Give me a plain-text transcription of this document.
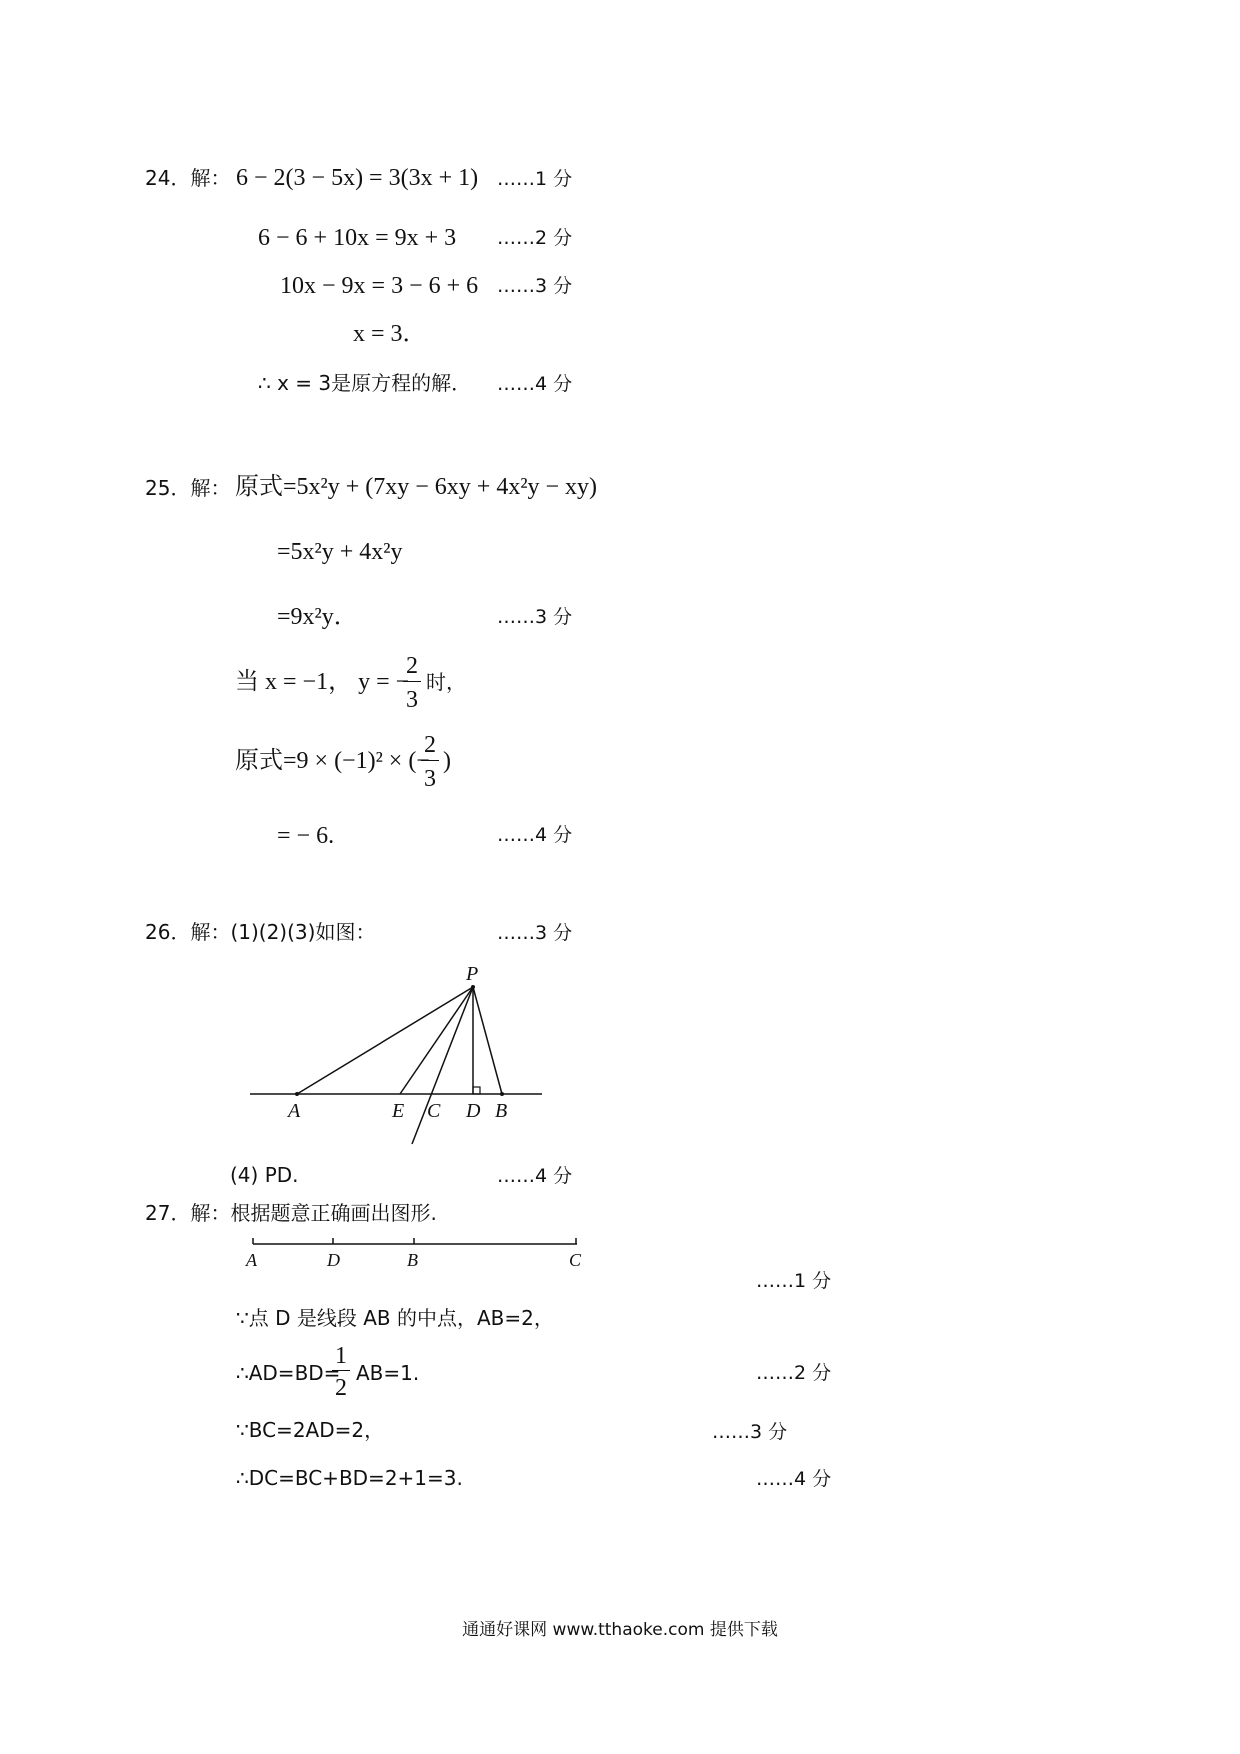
24．解： 6 − 2(3 − 5x) = 3(3x + 1) ……1 分
6 − 6 + 10x = 9x + 3 ……2 分
10x − 9x = 3 − 6 + 6 ……3 分
x = 3．
∴ x = 3是原方程的解． ……4 分
25．解： 原式=5x²y + (7xy − 6xy + 4x²y − xy)
=5x²y + 4x²y
=9x²y．	……3 分
当 x = −1， y = −
2
3
时，
原式=9 × (−1)² × (−
2
3
)
= − 6.	……4 分
26．解：(1)(2)(3)如图：	……3 分
P
A	E C D B
(4) PD.	……4 分
27．解：根据题意正确画出图形.
A	D	B	C
……1 分
∵点 D 是线段 AB 的中点，AB=2，
∴AD=BD=
1
2
AB=1.	……2 分
∵BC=2AD=2，	……3 分
∴DC=BC+BD=2+1=3.	……4 分
通通好课网 www.tthaoke.com 提供下载
